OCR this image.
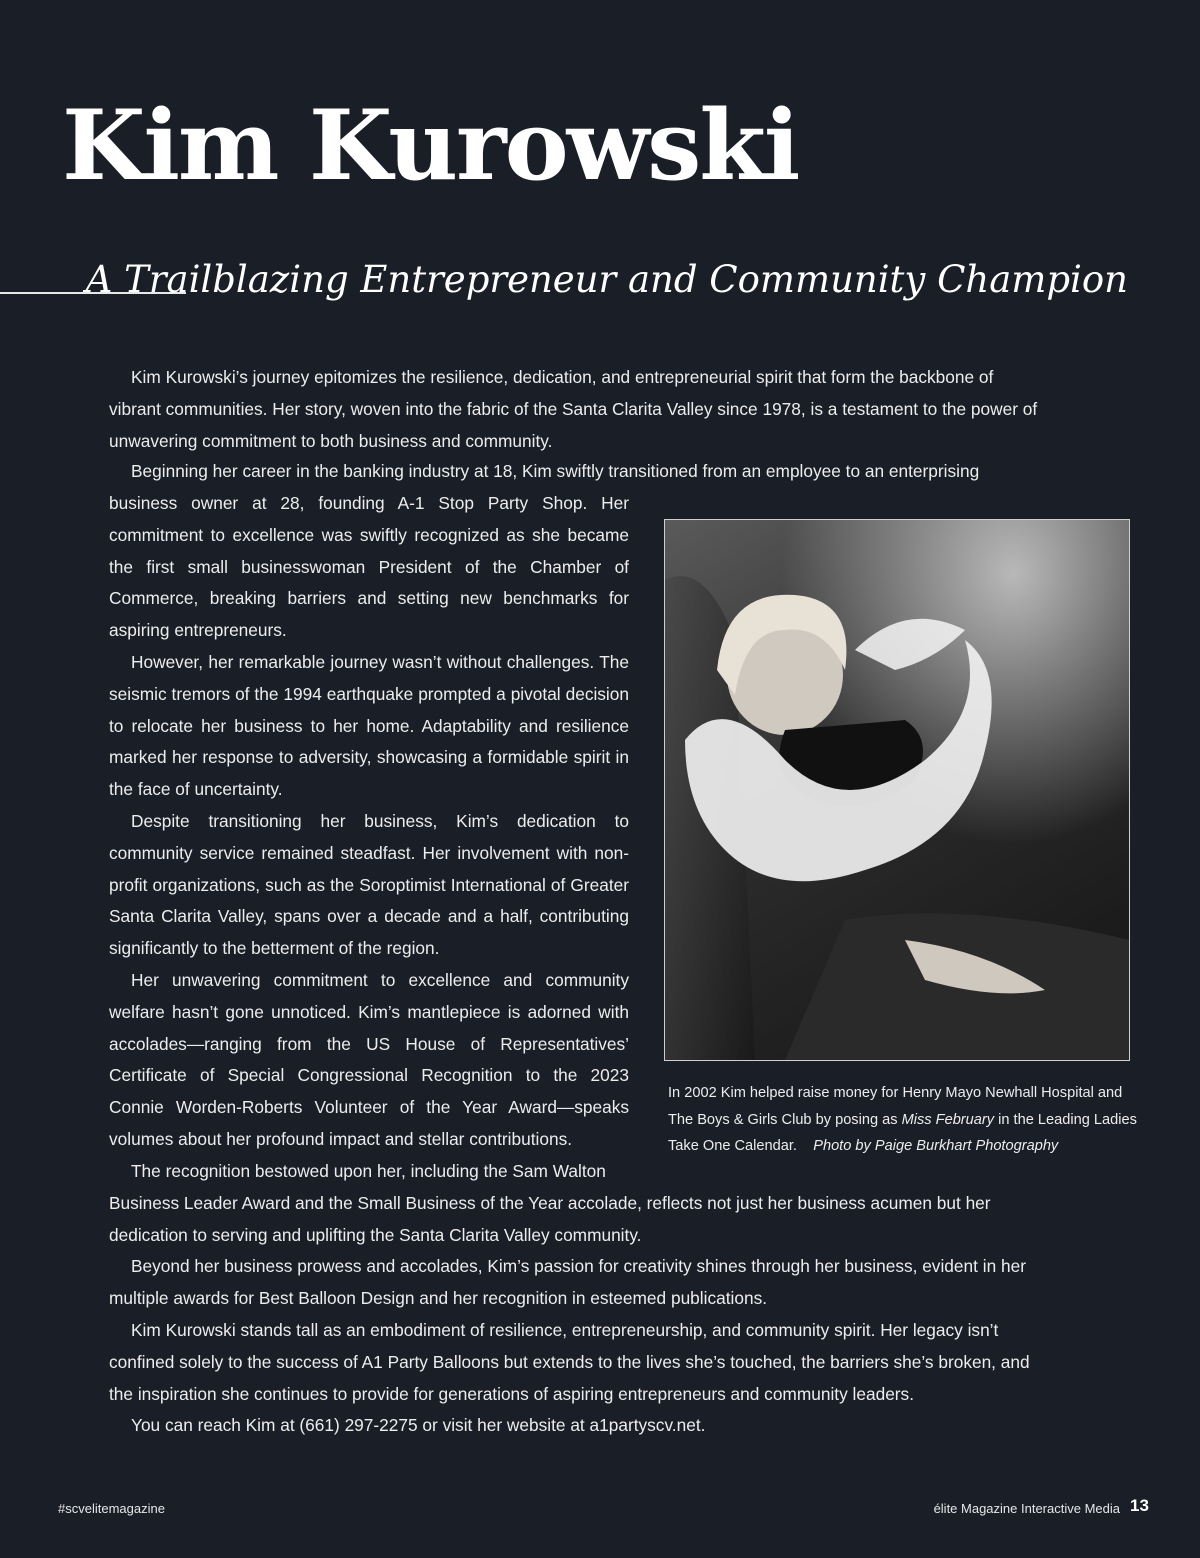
Kim Kurowski
A Trailblazing Entrepreneur and Community Champion

Kim Kurowski’s journey epitomizes the resilience, dedication, and entrepreneurial spirit that form the backbone of vibrant communities. Her story, woven into the fabric of the Santa Clarita Valley since 1978, is a testament to the power of unwavering commitment to both business and community.

Beginning her career in the banking industry at 18, Kim swiftly transitioned from an employee to an enterprising

business owner at 28, founding A-1 Stop Party Shop. Her commitment to excellence was swiftly recognized as she became the first small businesswoman President of the Chamber of Commerce, breaking barriers and setting new benchmarks for aspiring entrepreneurs.

However, her remarkable journey wasn’t without challenges. The seismic tremors of the 1994 earthquake prompted a pivotal decision to relocate her business to her home. Adaptability and resilience marked her response to adversity, showcasing a formidable spirit in the face of uncertainty.

Despite transitioning her business, Kim’s dedication to community service remained steadfast. Her involvement with non-profit organizations, such as the Soroptimist International of Greater Santa Clarita Valley, spans over a decade and a half, contributing significantly to the betterment of the region.

Her unwavering commitment to excellence and community welfare hasn’t gone unnoticed. Kim’s mantlepiece is adorned with accolades—ranging from the US House of Representatives’ Certificate of Special Congressional Recognition to the 2023 Connie Worden-Roberts Volunteer of the Year Award—speaks volumes about her profound impact and stellar contributions.

The recognition bestowed upon her, including the Sam Walton

Business Leader Award and the Small Business of the Year accolade, reflects not just her business acumen but her dedication to serving and uplifting the Santa Clarita Valley community.

Beyond her business prowess and accolades, Kim’s passion for creativity shines through her business, evident in her multiple awards for Best Balloon Design and her recognition in esteemed publications.

Kim Kurowski stands tall as an embodiment of resilience, entrepreneurship, and community spirit. Her legacy isn’t confined solely to the success of A1 Party Balloons but extends to the lives she’s touched, the barriers she’s broken, and the inspiration she continues to provide for generations of aspiring entrepreneurs and community leaders.

You can reach Kim at (661) 297-2275 or visit her website at a1partyscv.net.

In 2002 Kim helped raise money for Henry Mayo Newhall Hospital and The Boys & Girls Club by posing as Miss February in the Leading Ladies Take One Calendar. Photo by Paige Burkhart Photography

#scvelitemagazine	élite Magazine Interactive Media 13
